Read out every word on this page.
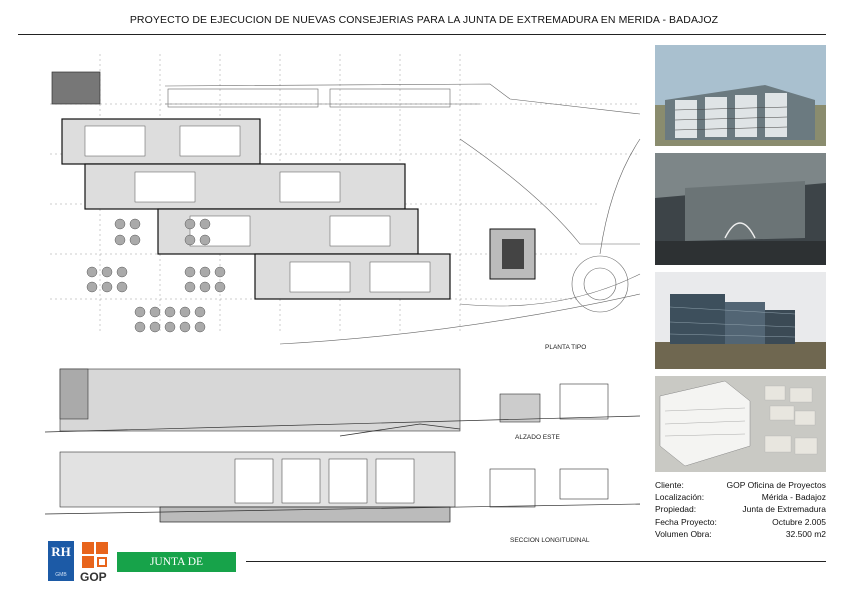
PROYECTO DE EJECUCION DE NUEVAS CONSEJERIAS PARA LA JUNTA DE EXTREMADURA EN MERIDA - BADAJOZ
PLANTA TIPO
ALZADO ESTE
SECCION LONGITUDINAL
Cliente:	GOP Oficina de Proyectos
Localización:	Mérida - Badajoz
Propiedad:	Junta de Extremadura
Fecha Proyecto:	Octubre 2.005
Volumen Obra:	32.500 m2
RH
GMB	GOP
JUNTA DE EXTREMADURA
